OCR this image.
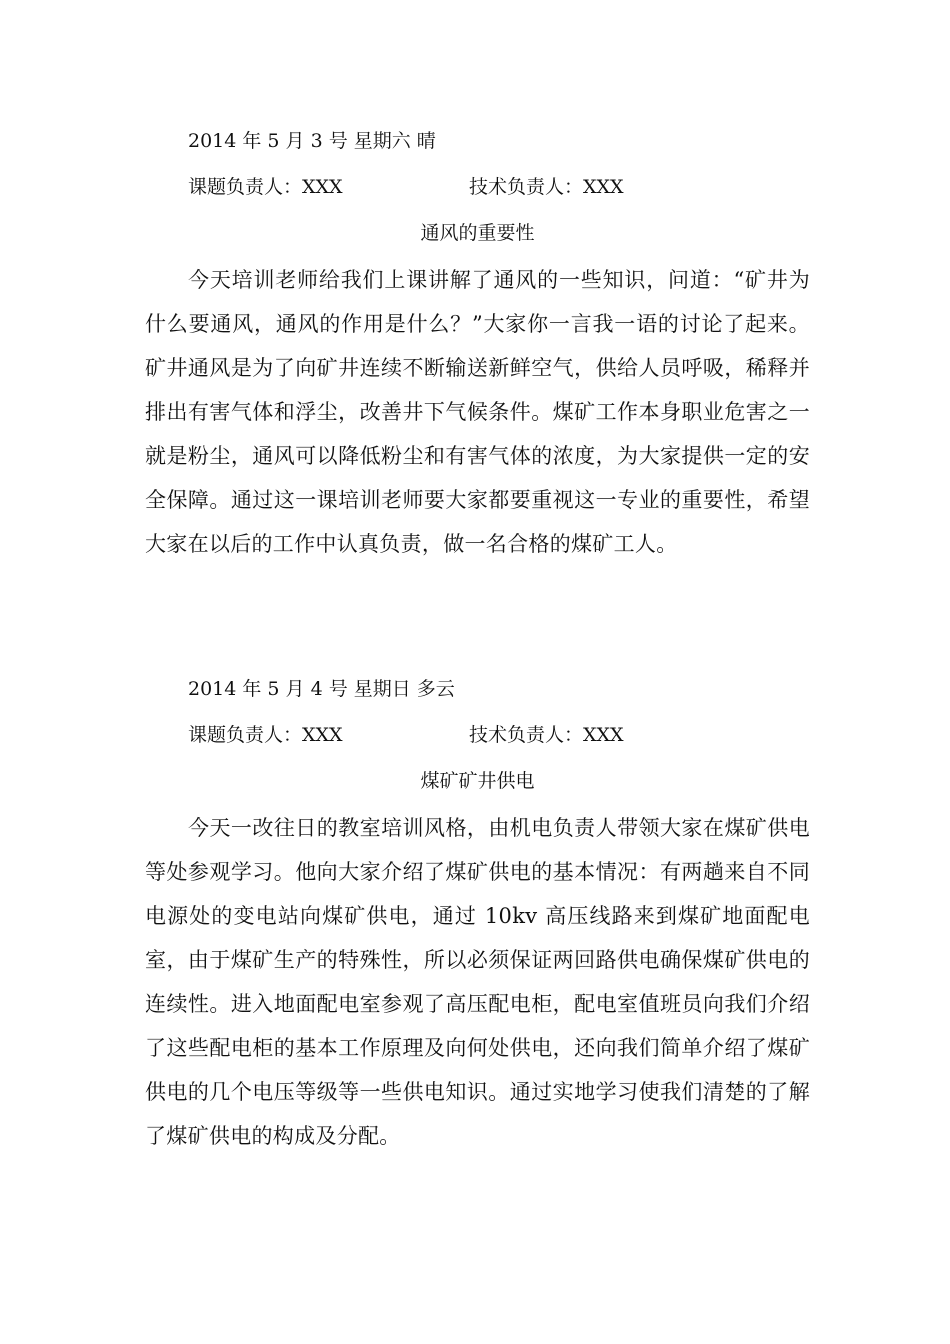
2014 年 5 月 3 号 星期六 晴
课题负责人：XXX	技术负责人：XXX
通风的重要性

今天培训老师给我们上课讲解了通风的一些知识，问道：“矿井为什么要通风，通风的作用是什么？”大家你一言我一语的讨论了起来。矿井通风是为了向矿井连续不断输送新鲜空气，供给人员呼吸，稀释并排出有害气体和浮尘，改善井下气候条件。煤矿工作本身职业危害之一就是粉尘，通风可以降低粉尘和有害气体的浓度，为大家提供一定的安全保障。通过这一课培训老师要大家都要重视这一专业的重要性，希望大家在以后的工作中认真负责，做一名合格的煤矿工人。

2014 年 5 月 4 号 星期日 多云
课题负责人：XXX	技术负责人：XXX
煤矿矿井供电

今天一改往日的教室培训风格，由机电负责人带领大家在煤矿供电等处参观学习。他向大家介绍了煤矿供电的基本情况：有两趟来自不同电源处的变电站向煤矿供电，通过 10kv 高压线路来到煤矿地面配电室，由于煤矿生产的特殊性，所以必须保证两回路供电确保煤矿供电的连续性。进入地面配电室参观了高压配电柜，配电室值班员向我们介绍了这些配电柜的基本工作原理及向何处供电，还向我们简单介绍了煤矿供电的几个电压等级等一些供电知识。通过实地学习使我们清楚的了解了煤矿供电的构成及分配。
